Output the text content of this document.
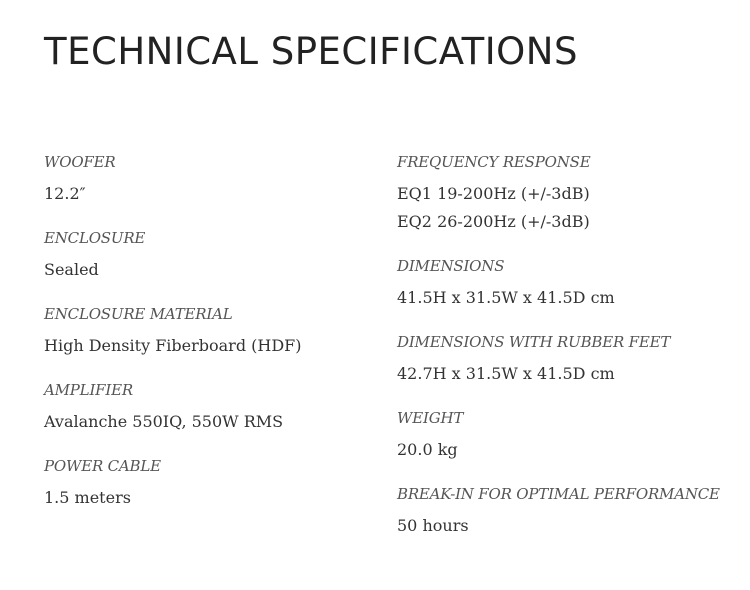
TECHNICAL SPECIFICATIONS
WOOFER
12.2″
ENCLOSURE
Sealed
ENCLOSURE MATERIAL
High Density Fiberboard (HDF)
AMPLIFIER
Avalanche 550IQ, 550W RMS
POWER CABLE
1.5 meters
FREQUENCY RESPONSE
EQ1 19-200Hz (+/-3dB)
EQ2 26-200Hz (+/-3dB)
DIMENSIONS
41.5H x 31.5W x 41.5D cm
DIMENSIONS WITH RUBBER FEET
42.7H x 31.5W x 41.5D cm
WEIGHT
20.0 kg
BREAK-IN FOR OPTIMAL PERFORMANCE
50 hours
